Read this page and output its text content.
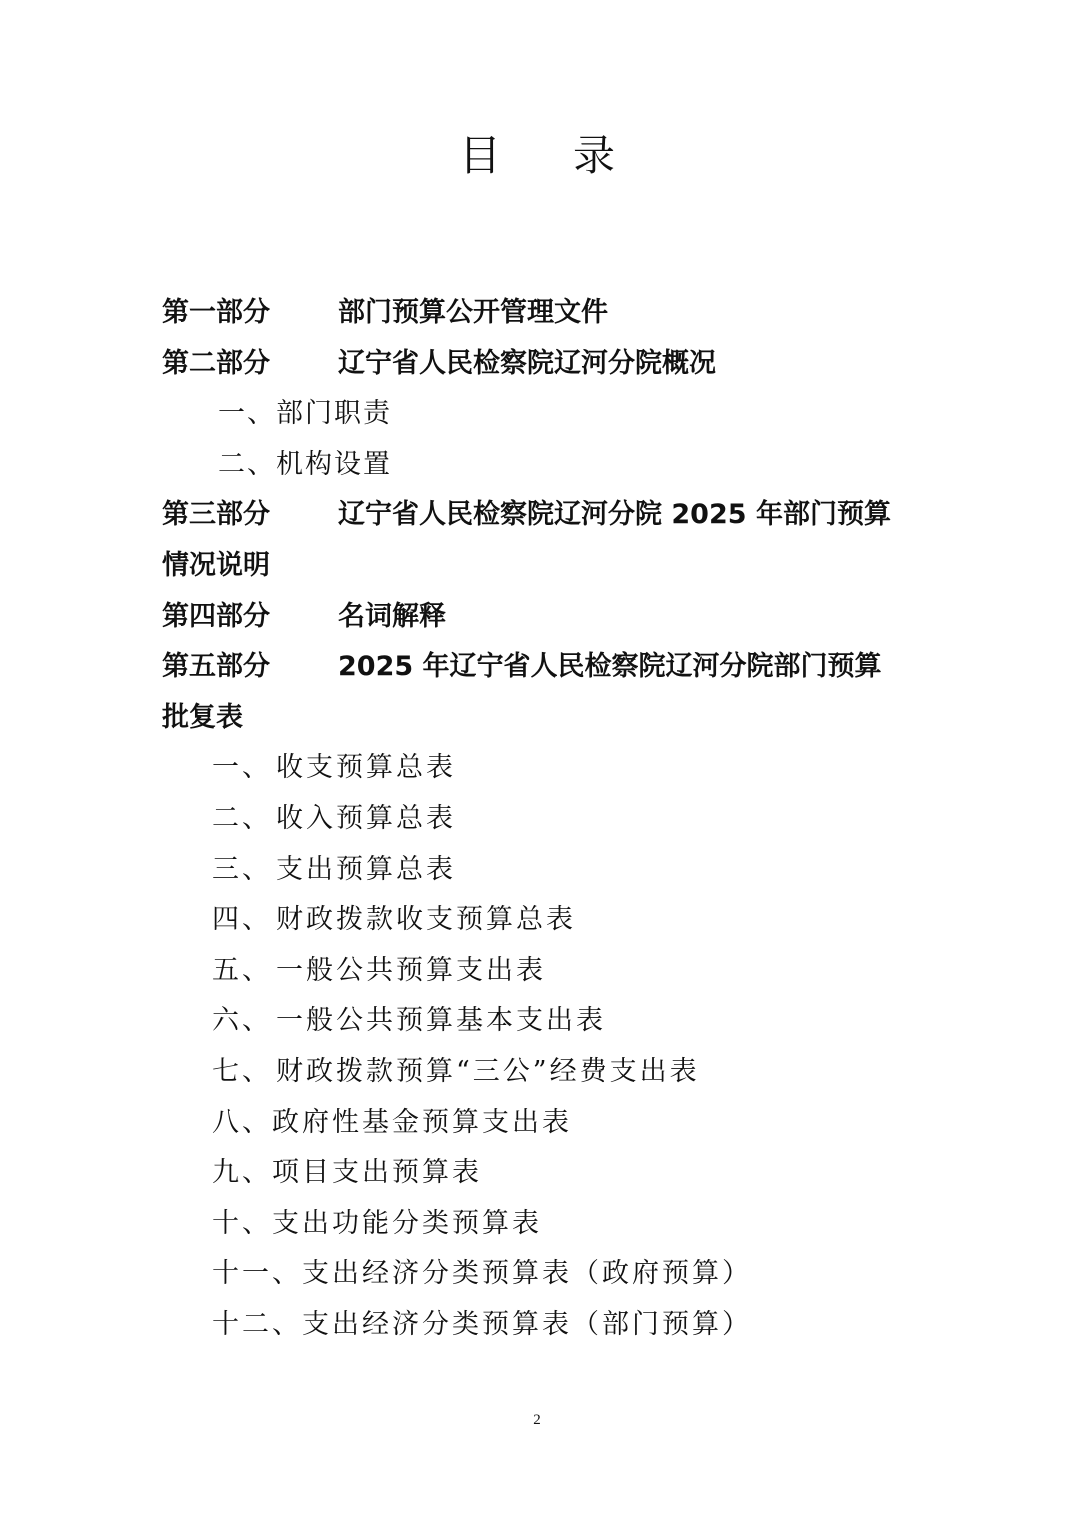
目 录
第一部分	部门预算公开管理文件
第二部分	辽宁省人民检察院辽河分院概况
一、部门职责
二、机构设置
第三部分	辽宁省人民检察院辽河分院 2025 年部门预算
情况说明
第四部分	名词解释
第五部分	2025 年辽宁省人民检察院辽河分院部门预算
批复表
一、 收支预算总表
二、 收入预算总表
三、 支出预算总表
四、 财政拨款收支预算总表
五、 一般公共预算支出表
六、 一般公共预算基本支出表
七、 财政拨款预算“三公”经费支出表
八、政府性基金预算支出表
九、项目支出预算表
十、支出功能分类预算表
十一、支出经济分类预算表（政府预算）
十二、支出经济分类预算表（部门预算）
2
